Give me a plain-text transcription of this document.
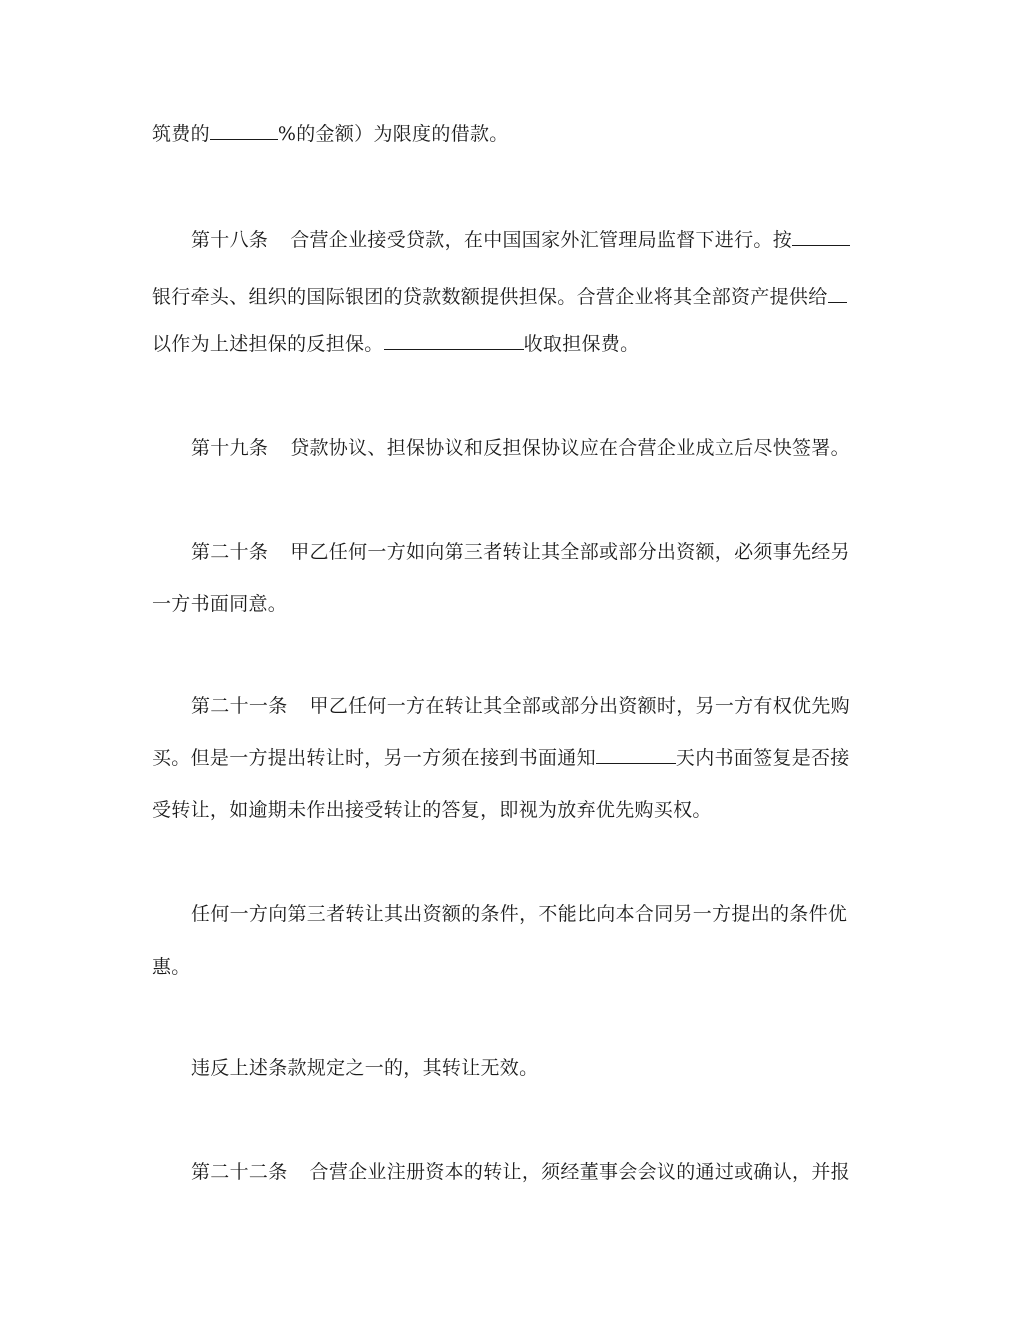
筑费的	%的金额）为限度的借款。
第十八条 合营企业接受贷款，在中国国家外汇管理局监督下进行。按
银行牵头、组织的国际银团的贷款数额提供担保。合营企业将其全部资产提供给
以作为上述担保的反担保。	收取担保费。
第十九条 贷款协议、担保协议和反担保协议应在合营企业成立后尽快签署。
第二十条 甲乙任何一方如向第三者转让其全部或部分出资额，必须事先经另
一方书面同意。
第二十一条 甲乙任何一方在转让其全部或部分出资额时，另一方有权优先购
买。但是一方提出转让时，另一方须在接到书面通知	天内书面签复是否接
受转让，如逾期未作出接受转让的答复，即视为放弃优先购买权。
任何一方向第三者转让其出资额的条件，不能比向本合同另一方提出的条件优
惠。
违反上述条款规定之一的，其转让无效。
第二十二条 合营企业注册资本的转让，须经董事会会议的通过或确认，并报
